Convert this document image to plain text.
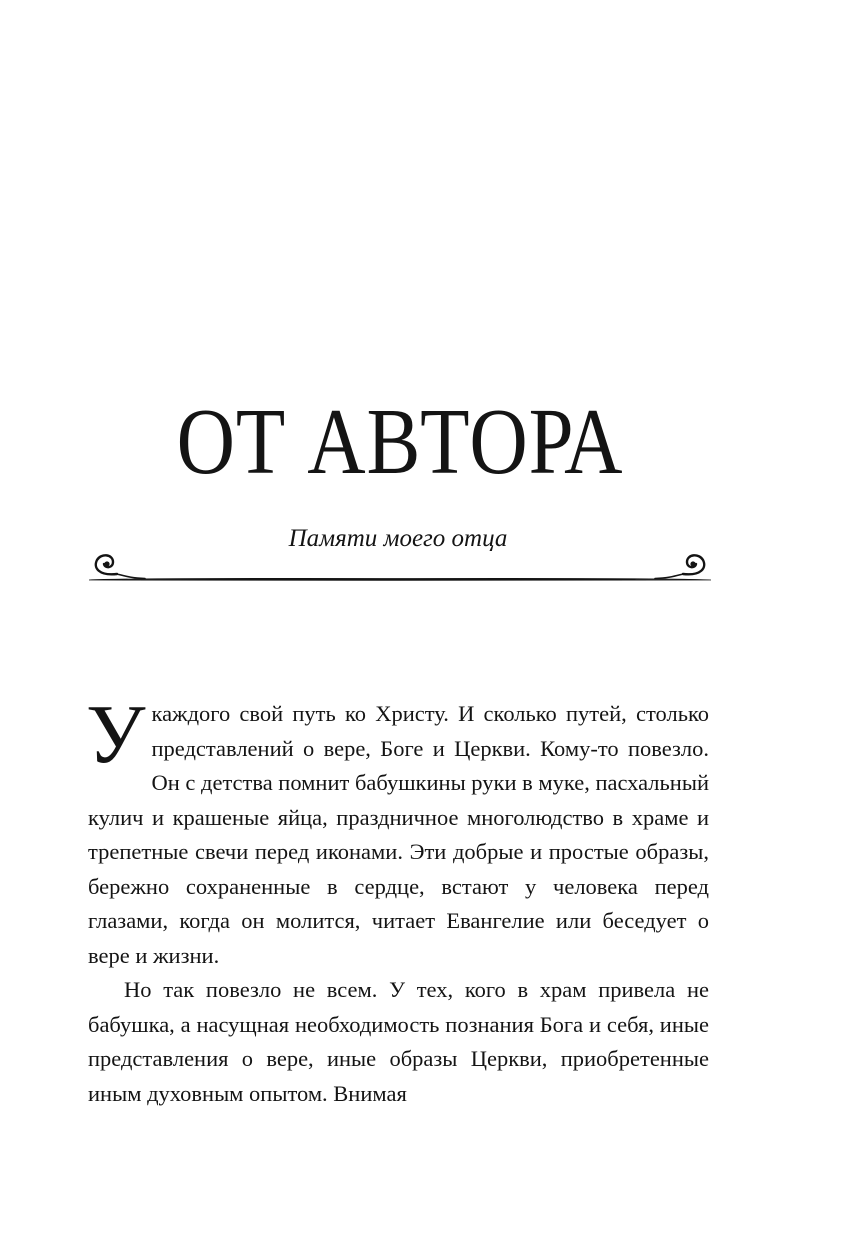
ОТ АВТОРА

Памяти моего отца

Укаждого свой путь ко Христу. И сколько путей, столько представлений о вере, Боге и Церкви. Кому-то повезло. Он с детства помнит бабушкины руки в муке, пасхальный кулич и крашеные яйца, праздничное многолюдство в храме и трепетные свечи перед иконами. Эти добрые и простые образы, бережно сохраненные в сердце, встают у человека перед глазами, когда он молится, читает Евангелие или беседует о вере и жизни.

Но так повезло не всем. У тех, кого в храм привела не бабушка, а насущная необходимость познания Бога и себя, иные представления о вере, иные образы Церкви, приобретенные иным духовным опытом. Внимая
